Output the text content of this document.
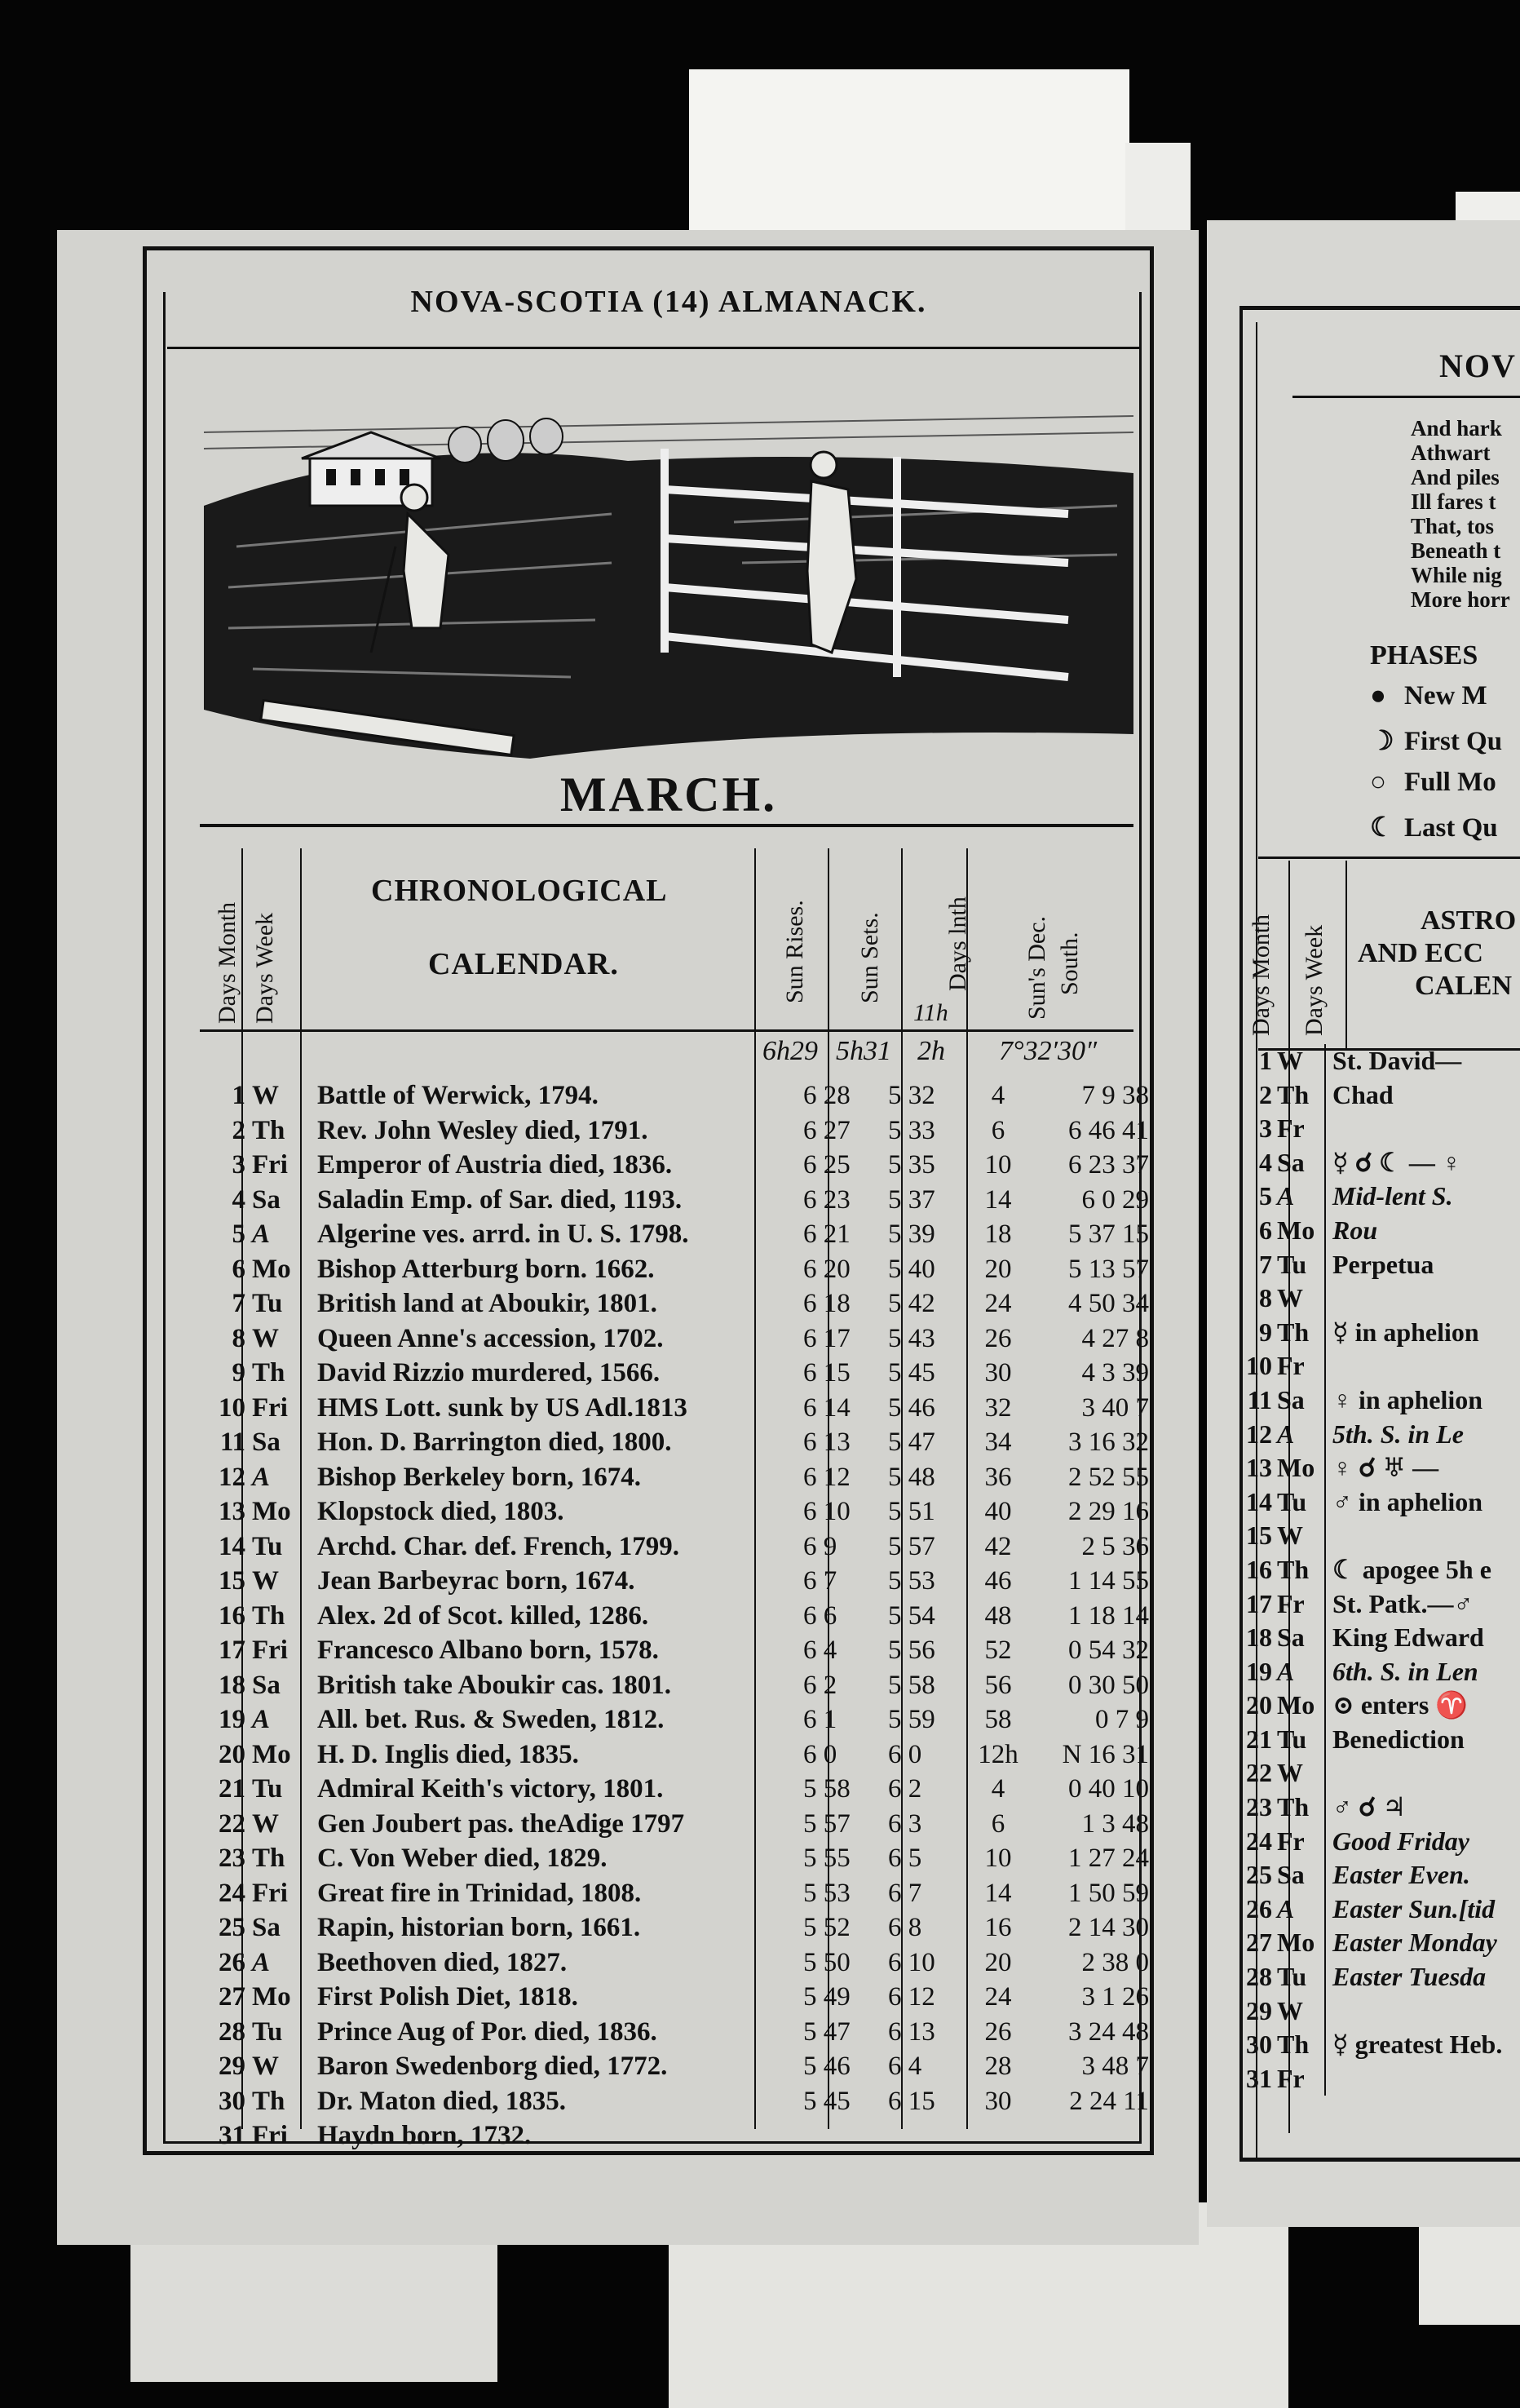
NOVA-SCOTIA (14) ALMANACK.
MARCH.
Days Month Days Week
CHRONOLOGICAL
CALENDAR.	Sun Rises. Sun Sets.	Days lnth
11h	Sun's Dec. South.
6h29 5h31 2h 7°32′30″
1	W	Battle of Werwick, 1794.	6 28	5 32	4	7 9 38
2	Th	Rev. John Wesley died, 1791.	6 27	5 33	6	6 46 41
3	Fri	Emperor of Austria died, 1836.	6 25	5 35	10	6 23 37
4	Sa	Saladin Emp. of Sar. died, 1193.	6 23	5 37	14	6 0 29
5	A	Algerine ves. arrd. in U. S. 1798.	6 21	5 39	18	5 37 15
6	Mo	Bishop Atterburg born. 1662.	6 20	5 40	20	5 13 57
7	Tu	British land at Aboukir, 1801.	6 18	5 42	24	4 50 34
8	W	Queen Anne's accession, 1702.	6 17	5 43	26	4 27 8
9	Th	David Rizzio murdered, 1566.	6 15	5 45	30	4 3 39
10	Fri	HMS Lott. sunk by US Adl.1813	6 14	5 46	32	3 40 7
11	Sa	Hon. D. Barrington died, 1800.	6 13	5 47	34	3 16 32
12	A	Bishop Berkeley born, 1674.	6 12	5 48	36	2 52 55
13	Mo	Klopstock died, 1803.	6 10	5 51	40	2 29 16
14	Tu	Archd. Char. def. French, 1799.	6 9	5 57	42	2 5 36
15	W	Jean Barbeyrac born, 1674.	6 7	5 53	46	1 14 55
16	Th	Alex. 2d of Scot. killed, 1286.	6 6	5 54	48	1 18 14
17	Fri	Francesco Albano born, 1578.	6 4	5 56	52	0 54 32
18	Sa	British take Aboukir cas. 1801.	6 2	5 58	56	0 30 50
19	A	All. bet. Rus. & Sweden, 1812.	6 1	5 59	58	0 7 9
20	Mo	H. D. Inglis died, 1835.	6 0	6 0	12h	N 16 31
21	Tu	Admiral Keith's victory, 1801.	5 58	6 2	4	0 40 10
22	W	Gen Joubert pas. theAdige 1797	5 57	6 3	6	1 3 48
23	Th	C. Von Weber died, 1829.	5 55	6 5	10	1 27 24
24	Fri	Great fire in Trinidad, 1808.	5 53	6 7	14	1 50 59
25	Sa	Rapin, historian born, 1661.	5 52	6 8	16	2 14 30
26	A	Beethoven died, 1827.	5 50	6 10	20	2 38 0
27	Mo	First Polish Diet, 1818.	5 49	6 12	24	3 1 26
28	Tu	Prince Aug of Por. died, 1836.	5 47	6 13	26	3 24 48
29	W	Baron Swedenborg died, 1772.	5 46	6 4	28	3 48 7
30	Th	Dr. Maton died, 1835.	5 45	6 15	30	2 24 11
31	Fri	Haydn born, 1732.				
NOV
And hark
Athwart
And piles
Ill fares t
That, tos
Beneath t
While nig
More horr
PHASES
● New M
☽ First Qu
○ Full Mo
☾ Last Qu
Days Month Days Week
ASTRO
AND ECC
CALEN
1	W	St. David—
2	Th	Chad
3	Fr	
4	Sa	☿ ☌ ☾ — ♀
5	A	Mid-lent S.
6	Mo	Rou
7	Tu	Perpetua
8	W	
9	Th	☿ in aphelion
10	Fr	
11	Sa	♀ in aphelion
12	A	5th. S. in Le
13	Mo	♀ ☌ ♅ —
14	Tu	♂ in aphelion
15	W	
16	Th	☾ apogee 5h e
17	Fr	St. Patk.—♂
18	Sa	King Edward
19	A	6th. S. in Len
20	Mo	⊙ enters ♈
21	Tu	Benediction
22	W	
23	Th	♂ ☌ ♃
24	Fr	Good Friday
25	Sa	Easter Even.
26	A	Easter Sun.[tid
27	Mo	Easter Monday
28	Tu	Easter Tuesda
29	W	
30	Th	☿ greatest Heb.
31	Fr	
